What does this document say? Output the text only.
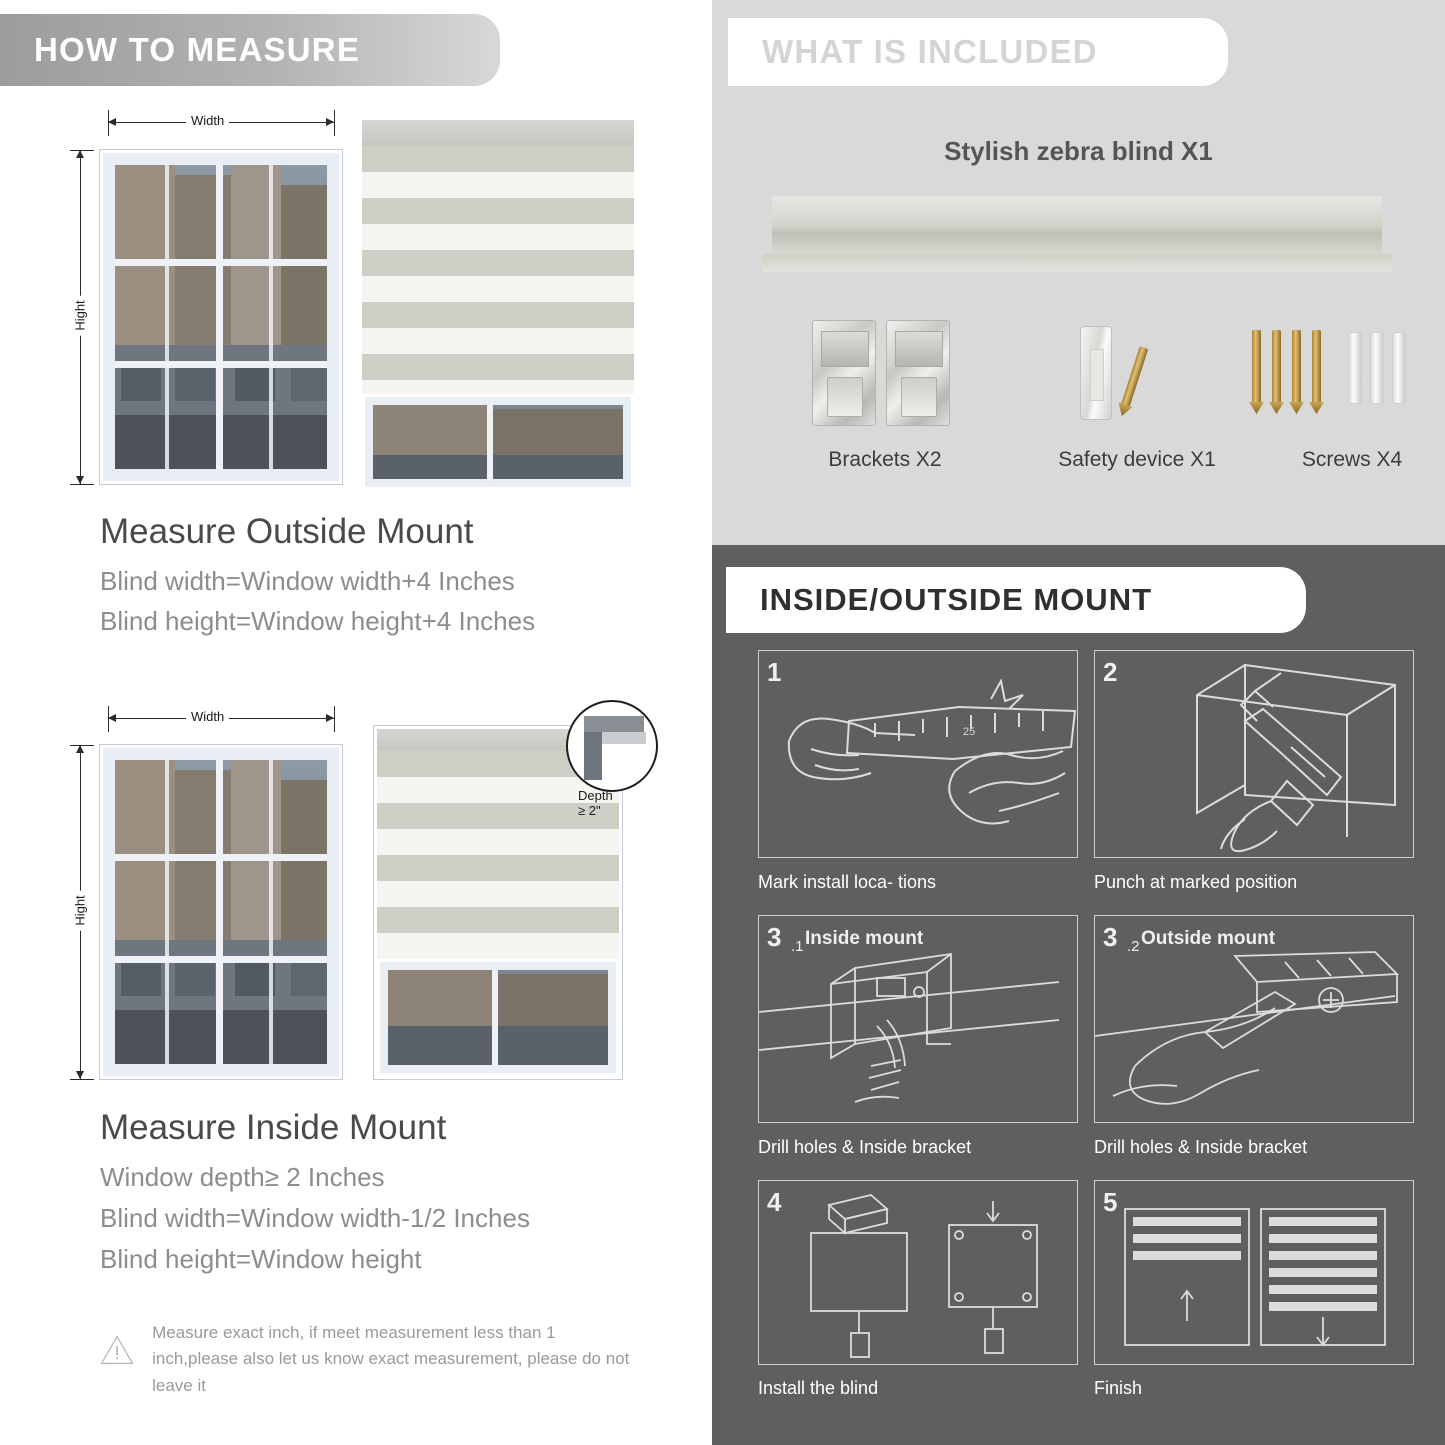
HOW TO MEASURE
Width
Hight
Measure Outside Mount
Blind width=Window width+4 Inches
Blind height=Window height+4 Inches
Width
Hight
Depth ≥ 2"
Measure Inside Mount
Window depth≥ 2 Inches
Blind width=Window width-1/2 Inches
Blind height=Window height
Measure exact inch, if meet measurement less than 1 inch,please also let us know exact measurement, please do not leave it
WHAT IS INCLUDED
Stylish zebra blind X1
Brackets X2	Safety device X1	Screws X4
INSIDE/OUTSIDE MOUNT
1
25
Mark install loca- tions
2
Punch at marked position
3 .1 Inside mount
Drill holes & Inside bracket
3 .2 Outside mount
Drill holes & Inside bracket
4
Install the blind
5
Finish
